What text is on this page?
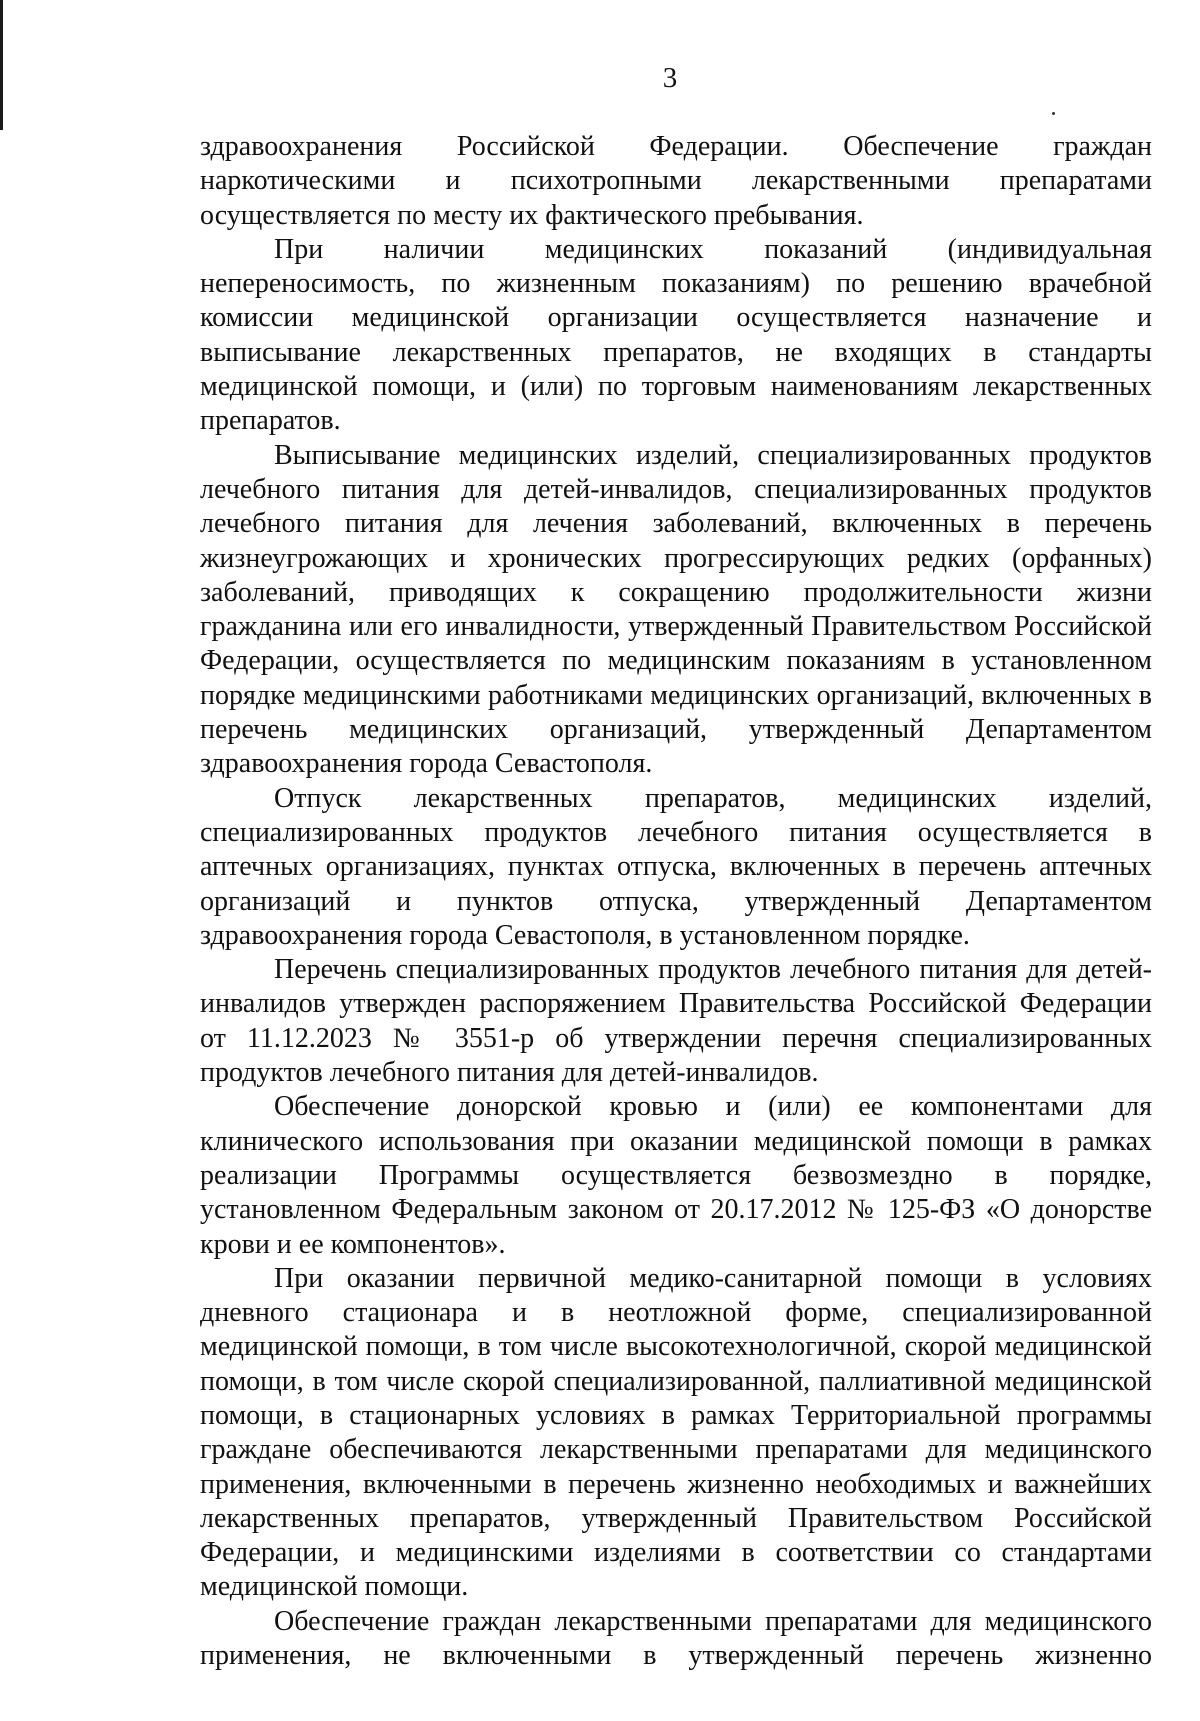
3

здравоохранения Российской Федерации. Обеспечение граждан наркотическими и психотропными лекарственными препаратами осуществляется по месту их фактического пребывания.

При наличии медицинских показаний (индивидуальная непереносимость, по жизненным показаниям) по решению врачебной комиссии медицинской организации осуществляется назначение и выписывание лекарственных препаратов, не входящих в стандарты медицинской помощи, и (или) по торговым наименованиям лекарственных препаратов.

Выписывание медицинских изделий, специализированных продуктов лечебного питания для детей-инвалидов, специализированных продуктов лечебного питания для лечения заболеваний, включенных в перечень жизнеугрожающих и хронических прогрессирующих редких (орфанных) заболеваний, приводящих к сокращению продолжительности жизни гражданина или его инвалидности, утвержденный Правительством Российской Федерации, осуществляется по медицинским показаниям в установленном порядке медицинскими работниками медицинских организаций, включенных в перечень медицинских организаций, утвержденный Департаментом здравоохранения города Севастополя.

Отпуск лекарственных препаратов, медицинских изделий, специализированных продуктов лечебного питания осуществляется в аптечных организациях, пунктах отпуска, включенных в перечень аптечных организаций и пунктов отпуска, утвержденный Департаментом здравоохранения города Севастополя, в установленном порядке.

Перечень специализированных продуктов лечебного питания для детей-инвалидов утвержден распоряжением Правительства Российской Федерации от 11.12.2023 № 3551-р об утверждении перечня специализированных продуктов лечебного питания для детей-инвалидов.

Обеспечение донорской кровью и (или) ее компонентами для клинического использования при оказании медицинской помощи в рамках реализации Программы осуществляется безвозмездно в порядке, установленном Федеральным законом от 20.17.2012 № 125-ФЗ «О донорстве крови и ее компонентов».

При оказании первичной медико-санитарной помощи в условиях дневного стационара и в неотложной форме, специализированной медицинской помощи, в том числе высокотехнологичной, скорой медицинской помощи, в том числе скорой специализированной, паллиативной медицинской помощи, в стационарных условиях в рамках Территориальной программы граждане обеспечиваются лекарственными препаратами для медицинского применения, включенными в перечень жизненно необходимых и важнейших лекарственных препаратов, утвержденный Правительством Российской Федерации, и медицинскими изделиями в соответствии со стандартами медицинской помощи.

Обеспечение граждан лекарственными препаратами для медицинского применения, не включенными в утвержденный перечень жизненно
